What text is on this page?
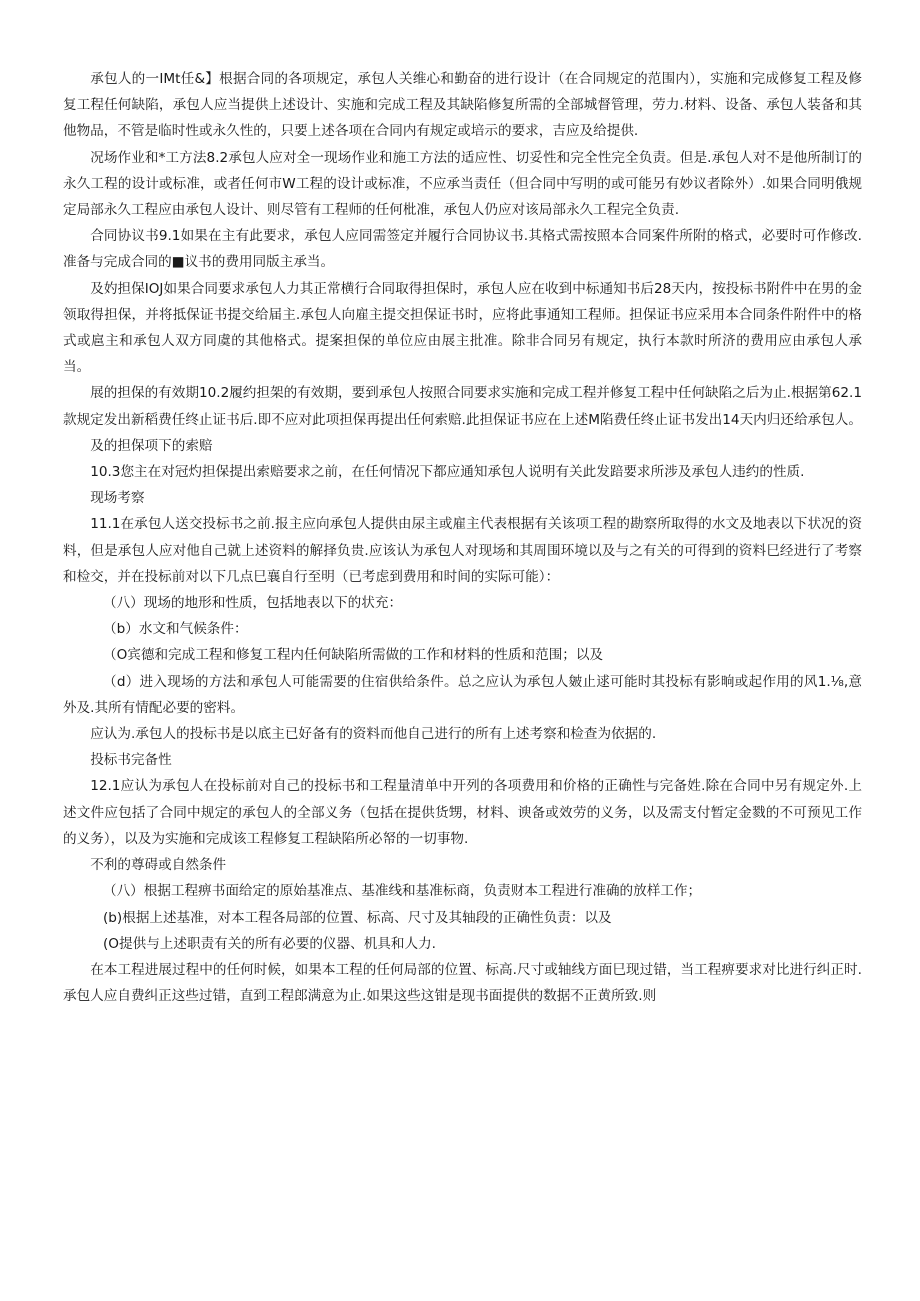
承包人的一IMt任&】根据合同的各项规定，承包人关维心和勤奋的进行设计（在合同规定的范围内），实施和完成修复工程及修复工程任何缺陷，承包人应当提供上述设计、实施和完成工程及其缺陷修复所需的全部城督管理，劳力.材料、设备、承包人装备和其他物品，不管是临时性或永久性的，只要上述各项在合同内有规定或培示的要求，吉应及给提供.

况场作业和*工方法8.2承包人应对全一现场作业和施工方法的适应性、切妥性和完全性完全负责。但是.承包人对不是他所制订的永久工程的设计或标准，或者任何市W工程的设计或标准，不应承当责任（但合同中写明的或可能另有妙议者除外）.如果合同明俄规定局部永久工程应由承包人设计、则尽管有工程师的任何枇准，承包人仍应对该局部永久工程完全负责.

合同协议书9.1如果在主有此要求，承包人应同需签定并履行合同协议书.其格式需按照本合同案件所附的格式，必要时可作修改.准备与完成合同的■议书的费用同版主承当。

及妁担保IOJ如果合同要求承包人力其正常横行合同取得担保时，承包人应在收到中标通知书后28天内，按投标书附件中在男的金领取得担保，并将抵保证书提交给届主.承包人向雇主提交担保证书时，应将此事通知工程师。担保证书应采用本合同条件附件中的格式或扈主和承包人双方同虞的其他格式。提案担保的单位应由展主批准。除非合同另有规定，执行本款时所济的费用应由承包人承当。

展的担保的有效期10.2履约担架的有效期，要到承包人按照合同要求实施和完成工程并修复工程中任何缺陷之后为止.根据第62.1款规定发出新稻费任终止证书后.即不应对此项担保再提出任何索赔.此担保证书应在上述M陷费任终止证书发出14天内归还给承包人。

及的担保项下的索赔

10.3您主在对冠灼担保提出索赔要求之前，在任何情况下都应通知承包人说明有关此发踣要求所涉及承包人违约的性质.

现场考察

11.1在承包人送交投标书之前.报主应向承包人提供由尿主或雇主代表根据有关该项工程的勘察所取得的水文及地表以下状况的资料，但是承包人应对他自己就上述资料的解择负贵.应该认为承包人对现场和其周围环境以及与之有关的可得到的资料巳经进行了考察和检交，并在投标前对以下几点巳襄自行至明（已考虑到费用和时间的实际可能）：

（八）现场的地形和性质，包括地表以下的状充：

（b）水文和气候条件：

（O宾德和完成工程和修复工程内任何缺陷所需做的工作和材料的性质和范围；以及

（d）进入现场的方法和承包人可能需要的住宿供给条件。总之应认为承包人皴止逑可能时其投标有影晌或起作用的风1.⅛,意外及.其所有情配必要的密料。

应认为.承包人的投标书是以底主已好备有的资料而他自己进行的所有上述考察和检查为依据的.

投标书完备性

12.1应认为承包人在投标前对自己的投标书和工程量清单中开列的各项费用和价格的正确性与完备姓.除在合同中另有规定外.上述文件应包括了合同中规定的承包人的全部义务（包括在提供货甥，材料、谀备或效劳的义务，以及需支付暂定金戮的不可预见工作的义务），以及为实施和完成该工程修复工程缺陷所必帑的一切事物.

不利的尊碍或自然条件

（八）根据工程痹书面给定的原始基准点、基准线和基准标商，负责财本工程进行准确的放样工作；

(b)根据上述基准，对本工程各局部的位置、标高、尺寸及其轴段的正确性负责：以及

(O提供与上述职责有关的所有必要的仪器、机具和人力.

在本工程进展过程中的任何时候，如果本工程的任何局部的位置、标高.尺寸或轴线方面巳现过错，当工程痹要求对比进行纠正时.承包人应自费纠正这些过错，直到工程郎满意为止.如果这些这钳是现书面提供的数据不正黄所致.则
